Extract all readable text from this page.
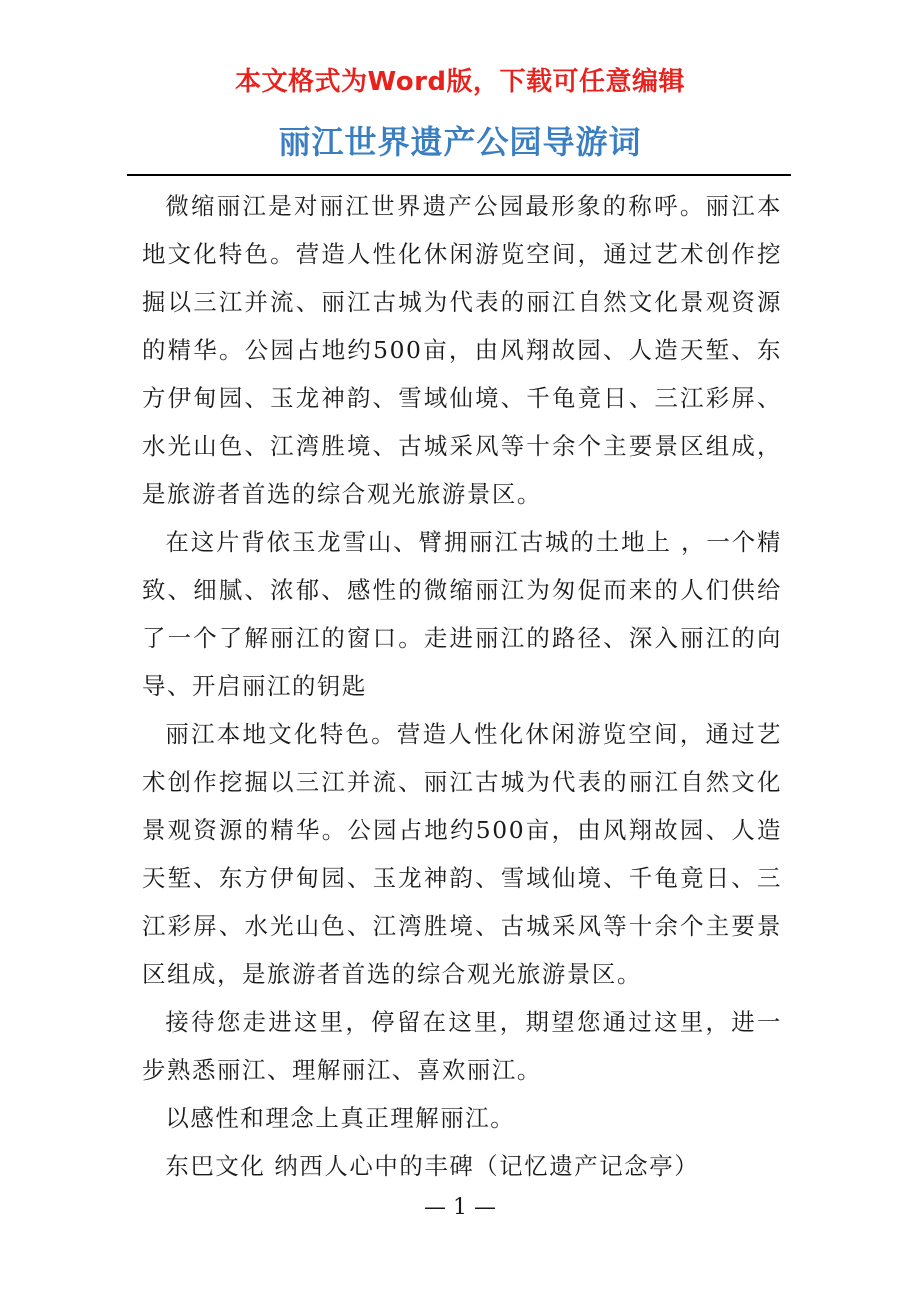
本文格式为Word版，下载可任意编辑
丽江世界遗产公园导游词

微缩丽江是对丽江世界遗产公园最形象的称呼。丽江本地文化特色。营造人性化休闲游览空间，通过艺术创作挖掘以三江并流、丽江古城为代表的丽江自然文化景观资源的精华。公园占地约500亩，由风翔故园、人造天堑、东方伊甸园、玉龙神韵、雪域仙境、千龟竟日、三江彩屏、水光山色、江湾胜境、古城采风等十余个主要景区组成，是旅游者首选的综合观光旅游景区。

在这片背依玉龙雪山、臂拥丽江古城的土地上 ，一个精致、细腻、浓郁、感性的微缩丽江为匆促而来的人们供给了一个了解丽江的窗口。走进丽江的路径、深入丽江的向导、开启丽江的钥匙

丽江本地文化特色。营造人性化休闲游览空间，通过艺术创作挖掘以三江并流、丽江古城为代表的丽江自然文化景观资源的精华。公园占地约500亩，由风翔故园、人造天堑、东方伊甸园、玉龙神韵、雪域仙境、千龟竟日、三江彩屏、水光山色、江湾胜境、古城采风等十余个主要景区组成，是旅游者首选的综合观光旅游景区。

接待您走进这里，停留在这里，期望您通过这里，进一步熟悉丽江、理解丽江、喜欢丽江。

以感性和理念上真正理解丽江。

东巴文化 纳西人心中的丰碑（记忆遗产记念亭）

— 1 —
